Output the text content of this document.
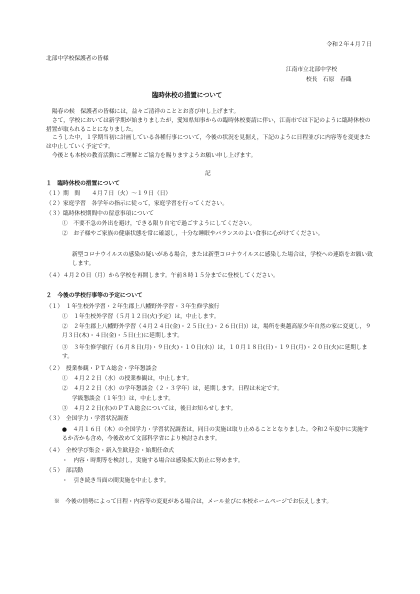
令和２年４月７日
北部中学校保護者の皆様
江南市立北部中学校
校長　石原　春織
臨時休校の措置について

陽春の候　保護者の皆様には，益々ご清祥のこととお喜び申し上げます。

さて，学校においては新学期が始まりましたが，愛知県知事からの臨時休校要請に伴い，江南市では下記のように臨時休校の措置が取られることになりました。

こうした中，１学期当初に計画している各種行事について，今後の状況を見据え，下記のように日程並びに内容等を変更または中止していく予定です。

今後とも本校の教育活動にご理解とご協力を賜りますようお願い申し上げます。

記
１　臨時休校の措置について
（１）期　間　　４月７日（火）〜１９日（日）
（２）家庭学習　各学年の指示に従って，家庭学習を行ってください。
（３）臨時休校期間中の留意事項について
①　不要不急の外出を避け，できる限り自宅で過ごすようにしてください。
②　お子様やご家族の健康状態を常に確認し，十分な睡眠やバランスのよい食事に心がけてください。
新型コロナウイルスの感染の疑いがある場合，または新型コロナウイルスに感染した場合は，学校への連絡をお願い致します。
（４）４月２０日（月）から学校を再開します。午前８時１５分までに登校してください。
２　今後の学校行事等の予定について
（１）　１年生校外学習・２年生郡上八幡野外学習・３年生修学旅行
①　１年生校外学習（５月１２日(火)予定）は，中止します。
②　２年生郡上八幡野外学習（４月２４日(金)・２５日(土)・２６日(日)）は，場所を奥越高原少年自然の家に変更し，９月３日(木)・４日(金)・５日(土)に延期します。
③　３年生修学旅行（６月８日(月)・９日(火)・１０日(水)）は，１０月１８日(日)・１９日(月)・２０日(火)に延期します。
（２）　授業参観・ＰＴＡ総会・学年懇談会
①　４月２２日（水）の授業参観は，中止します。
②　４月２２日（水）の学年懇談会（２・３学年）は，延期します。日程は未定です。
学級懇談会（１年生）は，中止します。
③　４月２２日(水)のＰＴＡ総会については，後日お知らせします。
（３）　全国学力・学習状況調査
●　４月１６日（木）の全国学力・学習状況調査は，同日の実施は取り止めることとなりました。令和２年度中に実施するか否かも含め，今後改めて文部科学省により検討されます。
（４）　全校学び集会・新入生歓迎会・始期任命式
・　内容・時期等を検討し，実施する場合は感染拡大防止に努めます。
（５）　部活動
・　引き続き当面の間実施を中止します。
※　今後の情勢によって日程・内容等の変更がある場合は，メール並びに本校ホームページでお伝えします。
